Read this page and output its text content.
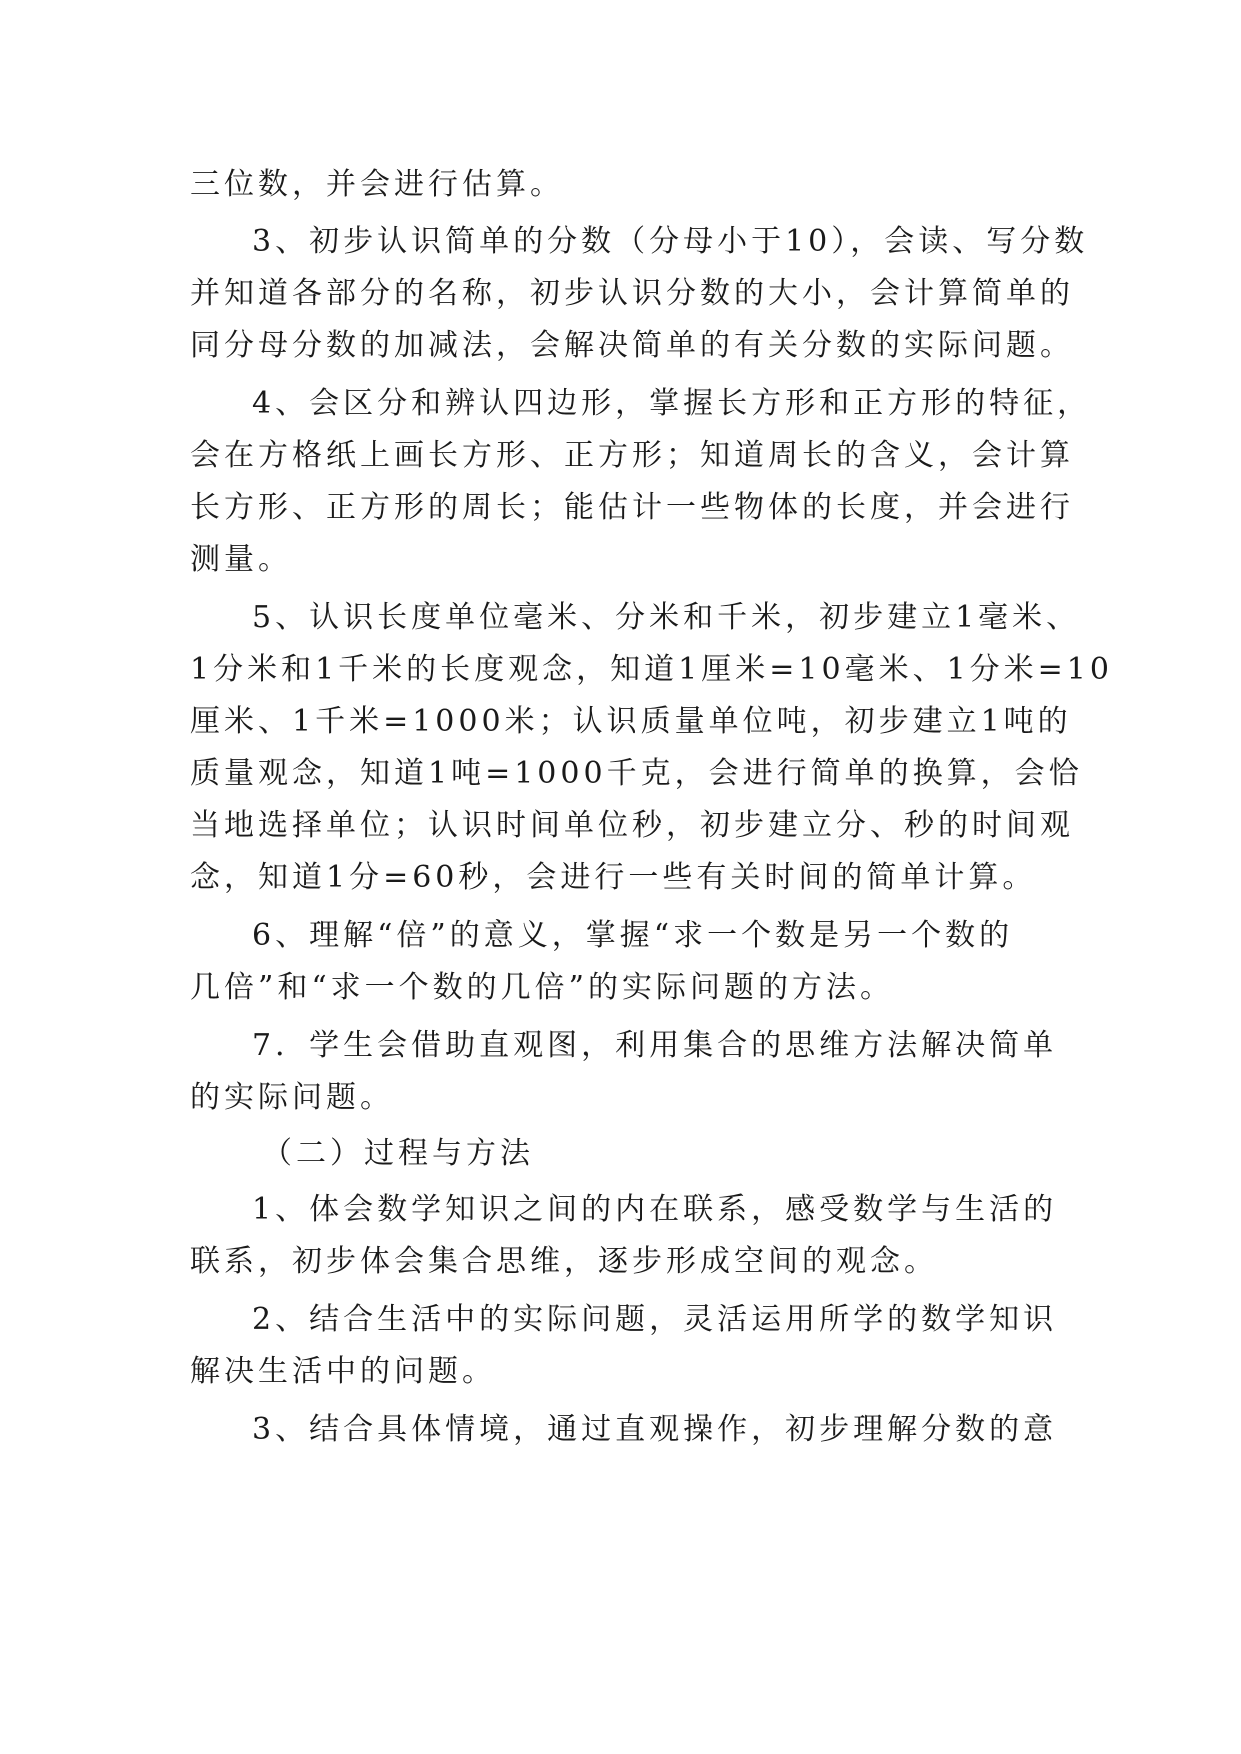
三位数，并会进行估算。
3、初步认识简单的分数（分母小于10），会读、写分数
并知道各部分的名称，初步认识分数的大小，会计算简单的
同分母分数的加减法，会解决简单的有关分数的实际问题。
4、会区分和辨认四边形，掌握长方形和正方形的特征，
会在方格纸上画长方形、正方形；知道周长的含义，会计算
长方形、正方形的周长；能估计一些物体的长度，并会进行
测量。
5、认识长度单位毫米、分米和千米，初步建立1毫米、
1分米和1千米的长度观念，知道1厘米=10毫米、1分米=10
厘米、1千米=1000米；认识质量单位吨，初步建立1吨的
质量观念，知道1吨=1000千克，会进行简单的换算，会恰
当地选择单位；认识时间单位秒，初步建立分、秒的时间观
念，知道1分=60秒，会进行一些有关时间的简单计算。
6、理解“倍”的意义，掌握“求一个数是另一个数的
几倍”和“求一个数的几倍”的实际问题的方法。
7．学生会借助直观图，利用集合的思维方法解决简单
的实际问题。
（二）过程与方法
1、体会数学知识之间的内在联系，感受数学与生活的
联系，初步体会集合思维，逐步形成空间的观念。
2、结合生活中的实际问题，灵活运用所学的数学知识
解决生活中的问题。
3、结合具体情境，通过直观操作，初步理解分数的意
